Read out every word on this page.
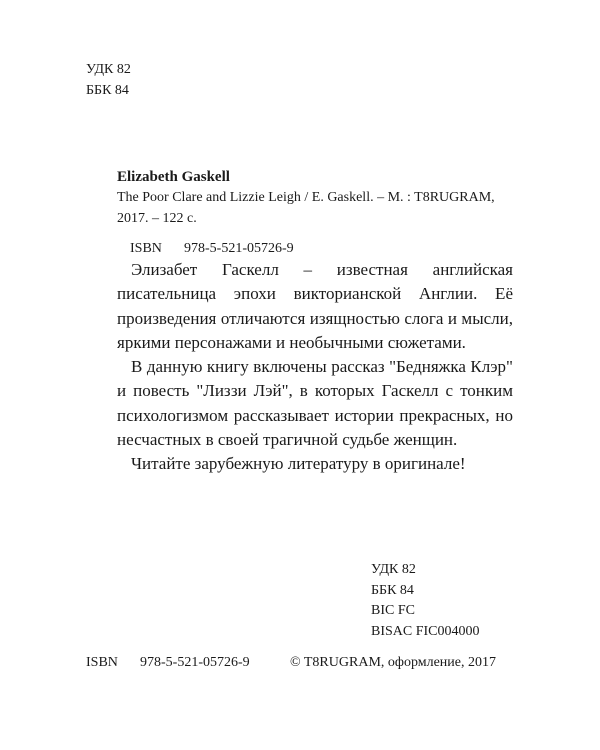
УДК 82
ББК 84
Elizabeth Gaskell
The Poor Clare and Lizzie Leigh / E. Gaskell. – M. : T8RUGRAM,
2017. – 122 c.
ISBN 978-5-521-05726-9

Элизабет Гаскелл – известная английская писательница эпохи викторианской Англии. Её произведения отличаются изящностью слога и мысли, яркими персонажами и необычными сюжетами.

В данную книгу включены рассказ "Бедняжка Клэр" и повесть "Лиззи Лэй", в которых Гаскелл с тонким психологизмом рассказывает истории прекрасных, но несчастных в своей трагичной судьбе женщин.

Читайте зарубежную литературу в оригинале!

УДК 82
ББК 84
BIC FC
BISAC FIC004000
ISBN 978-5-521-05726-9	© T8RUGRAM, оформление, 2017
